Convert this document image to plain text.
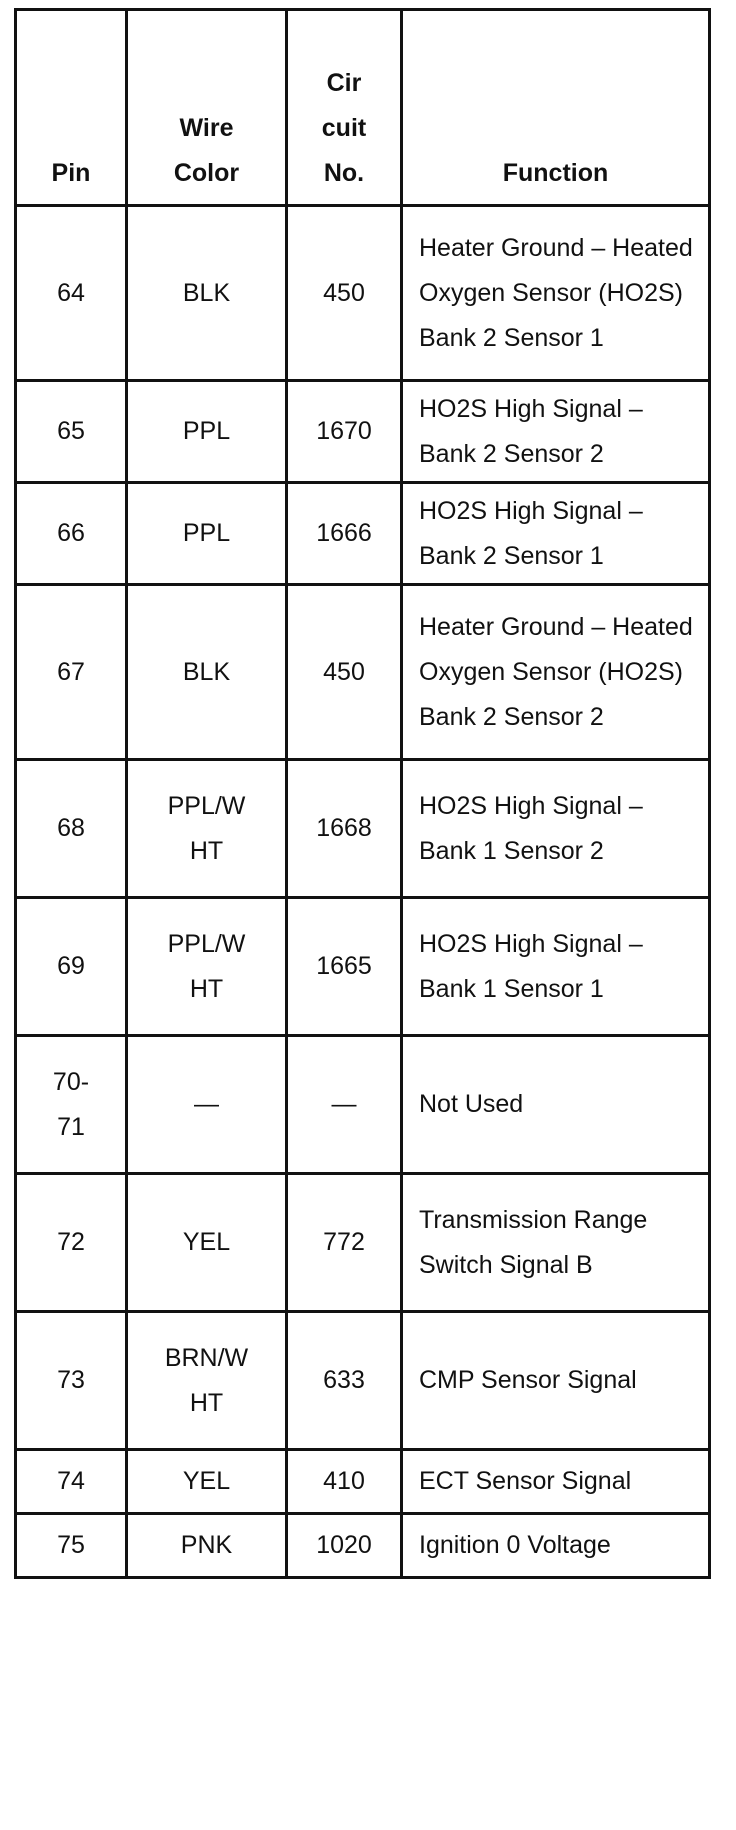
Pin	Wire Color	Cir cuit No.	Function
64	BLK	450	Heater Ground – Heated Oxygen Sensor (HO2S) Bank 2 Sensor 1
65	PPL	1670	HO2S High Signal – Bank 2 Sensor 2
66	PPL	1666	HO2S High Signal – Bank 2 Sensor 1
67	BLK	450	Heater Ground – Heated Oxygen Sensor (HO2S) Bank 2 Sensor 2
68	PPL/WHT	1668	HO2S High Signal – Bank 1 Sensor 2
69	PPL/WHT	1665	HO2S High Signal – Bank 1 Sensor 1
70-71	—	—	Not Used
72	YEL	772	Transmission Range Switch Signal B
73	BRN/WHT	633	CMP Sensor Signal
74	YEL	410	ECT Sensor Signal
75	PNK	1020	Ignition 0 Voltage
